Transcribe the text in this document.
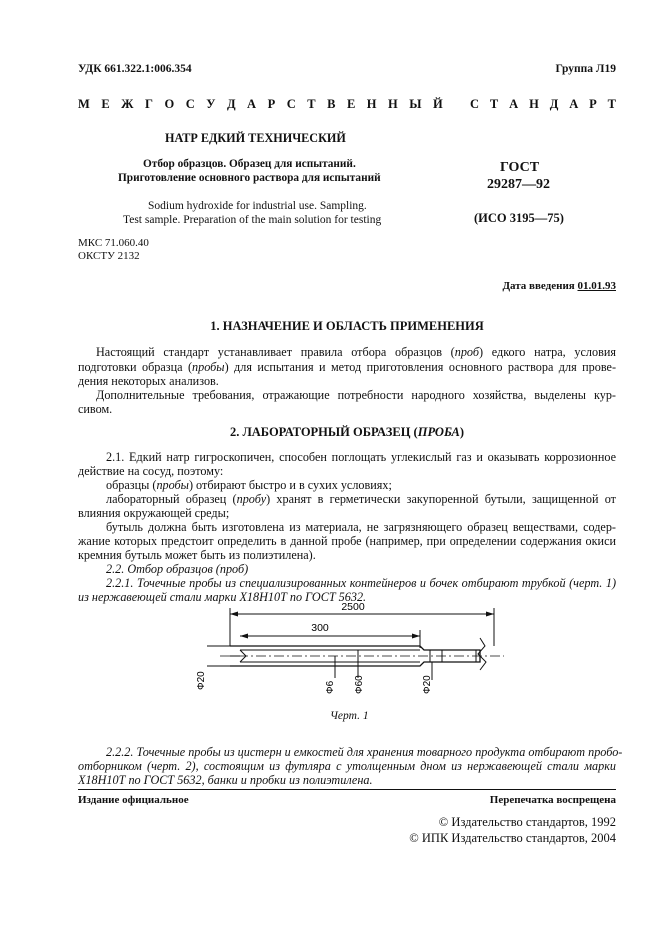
УДК 661.322.1:006.354	Группа Л19
М Е Ж Г О С У Д А Р С Т В Е Н Н Ы Й С Т А Н Д А Р Т
НАТР ЕДКИЙ ТЕХНИЧЕСКИЙ
Отбор образцов. Образец для испытаний.
Приготовление основного раствора для испытаний
Sodium hydroxide for industrial use. Sampling.
Test sample. Preparation of the main solution for testing
ГОСТ
29287—92
(ИСО 3195—75)
МКС 71.060.40
ОКСТУ 2132
Дата введения 01.01.93
1. НАЗНАЧЕНИЕ И ОБЛАСТЬ ПРИМЕНЕНИЯ
Настоящий стандарт устанавливает правила отбора образцов (проб) едкого натра, условия
подготовки образца (пробы) для испытания и метод приготовления основного раствора для прове-
дения некоторых анализов.
Дополнительные требования, отражающие потребности народного хозяйства, выделены кур-
сивом.
2. ЛАБОРАТОРНЫЙ ОБРАЗЕЦ (ПРОБА)
2.1. Едкий натр гигроскопичен, способен поглощать углекислый газ и оказывать коррозионное
действие на сосуд, поэтому:
образцы (пробы) отбирают быстро и в сухих условиях;
лабораторный образец (пробу) хранят в герметически закупоренной бутыли, защищенной от
влияния окружающей среды;
бутыль должна быть изготовлена из материала, не загрязняющего образец веществами, содер-
жание которых предстоит определить в данной пробе (например, при определении содержания окиси
кремния бутыль может быть из полиэтилена).
2.2. Отбор образцов (проб)
2.2.1. Точечные пробы из специализированных контейнеров и бочек отбирают трубкой (черт. 1)
из нержавеющей стали марки Х18Н10Т по ГОСТ 5632.
2500
300
Ф20	Ф6 Ф60	Ф20
Черт. 1
2.2.2. Точечные пробы из цистерн и емкостей для хранения товарного продукта отбирают пробо-
отборником (черт. 2), состоящим из футляра с утолщенным дном из нержавеющей стали марки
Х18Н10Т по ГОСТ 5632, банки и пробки из полиэтилена.
Издание официальное	Перепечатка воспрещена
© Издательство стандартов, 1992
© ИПК Издательство стандартов, 2004
